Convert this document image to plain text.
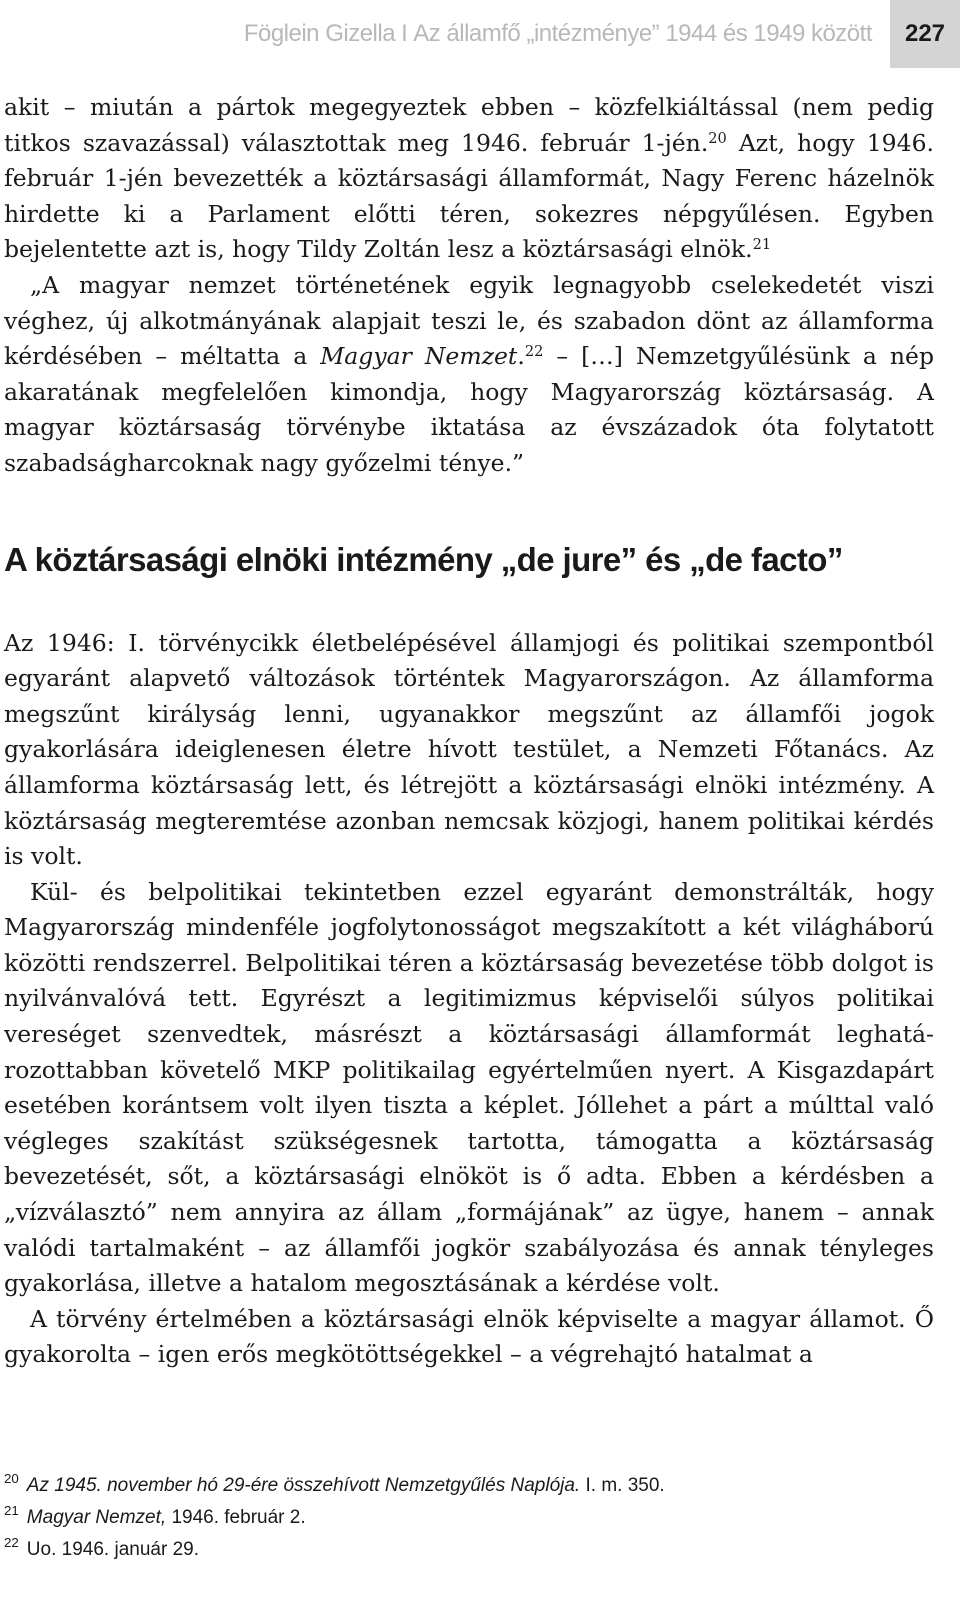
Föglein Gizella I Az államfő „intézménye” 1944 és 1949 között	227

akit – miután a pártok megegyeztek ebben – közfelkiáltással (nem pedig titkos szavazással) választottak meg 1946. február 1-jén.$^{20}$ Azt, hogy 1946. február 1-jén bevezették a köztársasági államformát, Nagy Ferenc házelnök hirdette ki a Parlament előtti téren, sokezres népgyűlésen. Egyben bejelentette azt is, hogy Tildy Zoltán lesz a köztársasági elnök.$^{21}$

„A magyar nemzet történetének egyik legnagyobb cselekedetét viszi véghez, új alkotmányának alapjait teszi le, és szabadon dönt az államforma kérdésében – méltatta a Magyar Nemzet.$^{22}$ – […] Nemzetgyűlésünk a nép akaratának megfelelően kimondja, hogy Magyarország köztársaság. A magyar köztársaság törvénybe iktatása az évszázadok óta folytatott szabadságharcoknak nagy győzelmi ténye.”

A köztársasági elnöki intézmény „de jure” és „de facto”

Az 1946: I. törvénycikk életbelépésével államjogi és politikai szempontból egyaránt alapvető változások történtek Magyarországon. Az államforma megszűnt királyság lenni, ugyanakkor megszűnt az államfői jogok gyakorlására ideiglenesen életre hívott testület, a Nemzeti Főtanács. Az államforma köztársaság lett, és létrejött a köztársasági elnöki intézmény. A köztársaság megteremtése azonban nemcsak közjogi, hanem politikai kérdés is volt.

Kül- és belpolitikai tekintetben ezzel egyaránt demonstrálták, hogy Magyarország mindenféle jogfolytonosságot megszakított a két világháború közötti rendszerrel. Belpolitikai téren a köztársaság bevezetése több dolgot is nyilvánvalóvá tett. Egyrészt a legitimizmus képviselői súlyos politikai vereséget szenvedtek, másrészt a köztársasági államformát leghatározottabban követelő MKP politikailag egyértelműen nyert. A Kisgazdapárt esetében korántsem volt ilyen tiszta a képlet. Jóllehet a párt a múlttal való végleges szakítást szükségesnek tartotta, támogatta a köztársaság bevezetését, sőt, a köztársasági elnököt is ő adta. Ebben a kérdésben a „vízválasztó” nem annyira az állam „formájának” az ügye, hanem – annak valódi tartalmaként – az államfői jogkör szabályozása és annak tényleges gyakorlása, illetve a hatalom megosztásának a kérdése volt.

A törvény értelmében a köztársasági elnök képviselte a magyar államot. Ő gyakorolta – igen erős megkötöttségekkel – a végrehajtó hatalmat a

$^{20}$ Az 1945. november hó 29-ére összehívott Nemzetgyűlés Naplója. I. m. 350.
$^{21}$ Magyar Nemzet, 1946. február 2.
$^{22}$ Uo. 1946. január 29.
